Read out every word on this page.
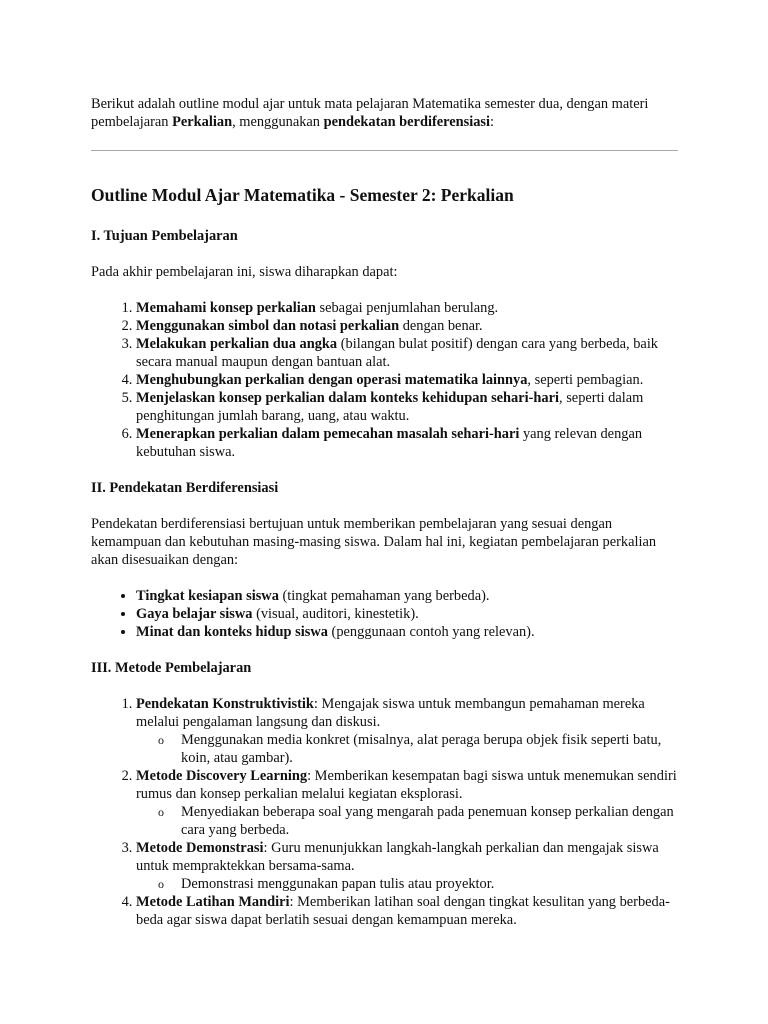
Berikut adalah outline modul ajar untuk mata pelajaran Matematika semester dua, dengan materi pembelajaran Perkalian, menggunakan pendekatan berdiferensiasi:

Outline Modul Ajar Matematika - Semester 2: Perkalian
I. Tujuan Pembelajaran

Pada akhir pembelajaran ini, siswa diharapkan dapat:

1. Memahami konsep perkalian sebagai penjumlahan berulang.
2. Menggunakan simbol dan notasi perkalian dengan benar.
3. Melakukan perkalian dua angka (bilangan bulat positif) dengan cara yang berbeda, baik secara manual maupun dengan bantuan alat.
4. Menghubungkan perkalian dengan operasi matematika lainnya, seperti pembagian.
5. Menjelaskan konsep perkalian dalam konteks kehidupan sehari-hari, seperti dalam penghitungan jumlah barang, uang, atau waktu.
6. Menerapkan perkalian dalam pemecahan masalah sehari-hari yang relevan dengan kebutuhan siswa.
II. Pendekatan Berdiferensiasi

Pendekatan berdiferensiasi bertujuan untuk memberikan pembelajaran yang sesuai dengan kemampuan dan kebutuhan masing-masing siswa. Dalam hal ini, kegiatan pembelajaran perkalian akan disesuaikan dengan:

• Tingkat kesiapan siswa (tingkat pemahaman yang berbeda).
• Gaya belajar siswa (visual, auditori, kinestetik).
• Minat dan konteks hidup siswa (penggunaan contoh yang relevan).
III. Metode Pembelajaran
1. Pendekatan Konstruktivistik: Mengajak siswa untuk membangun pemahaman mereka melalui pengalaman langsung dan diskusi.
o Menggunakan media konkret (misalnya, alat peraga berupa objek fisik seperti batu, koin, atau gambar).
2. Metode Discovery Learning: Memberikan kesempatan bagi siswa untuk menemukan sendiri rumus dan konsep perkalian melalui kegiatan eksplorasi.
o Menyediakan beberapa soal yang mengarah pada penemuan konsep perkalian dengan cara yang berbeda.
3. Metode Demonstrasi: Guru menunjukkan langkah-langkah perkalian dan mengajak siswa untuk mempraktekkan bersama-sama.
o Demonstrasi menggunakan papan tulis atau proyektor.
4. Metode Latihan Mandiri: Memberikan latihan soal dengan tingkat kesulitan yang berbeda-beda agar siswa dapat berlatih sesuai dengan kemampuan mereka.
